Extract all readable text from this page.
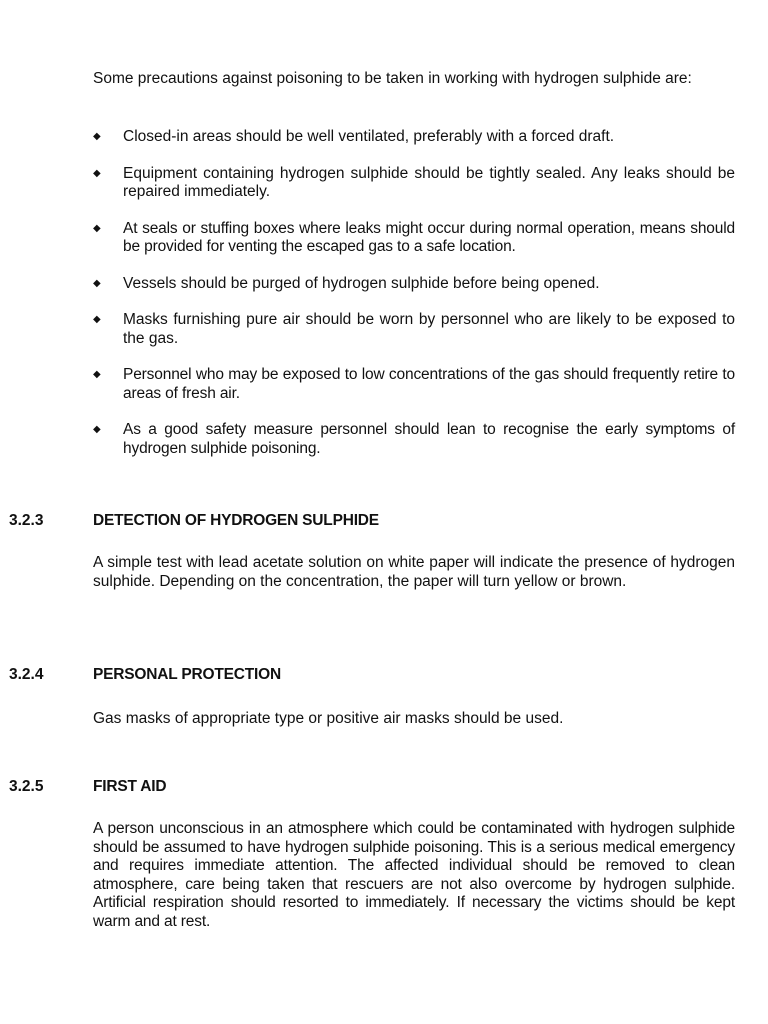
Some precautions against poisoning to be taken in working with hydrogen sulphide are:

◆	Closed-in areas should be well ventilated, preferably with a forced draft.
◆	Equipment containing hydrogen sulphide should be tightly sealed. Any leaks should be repaired immediately.
◆	At seals or stuffing boxes where leaks might occur during normal operation, means should be provided for venting the escaped gas to a safe location.
◆	Vessels should be purged of hydrogen sulphide before being opened.
◆	Masks furnishing pure air should be worn by personnel who are likely to be exposed to the gas.
◆	Personnel who may be exposed to low concentrations of the gas should frequently retire to areas of fresh air.
◆	As a good safety measure personnel should lean to recognise the early symptoms of hydrogen sulphide poisoning.
3.2.3	DETECTION OF HYDROGEN SULPHIDE

A simple test with lead acetate solution on white paper will indicate the presence of hydrogen sulphide. Depending on the concentration, the paper will turn yellow or brown.

3.2.4	PERSONAL PROTECTION

Gas masks of appropriate type or positive air masks should be used.

3.2.5	FIRST AID

A person unconscious in an atmosphere which could be contaminated with hydrogen sulphide should be assumed to have hydrogen sulphide poisoning. This is a serious medical emergency and requires immediate attention. The affected individual should be removed to clean atmosphere, care being taken that rescuers are not also overcome by hydrogen sulphide. Artificial respiration should resorted to immediately. If necessary the victims should be kept warm and at rest.
